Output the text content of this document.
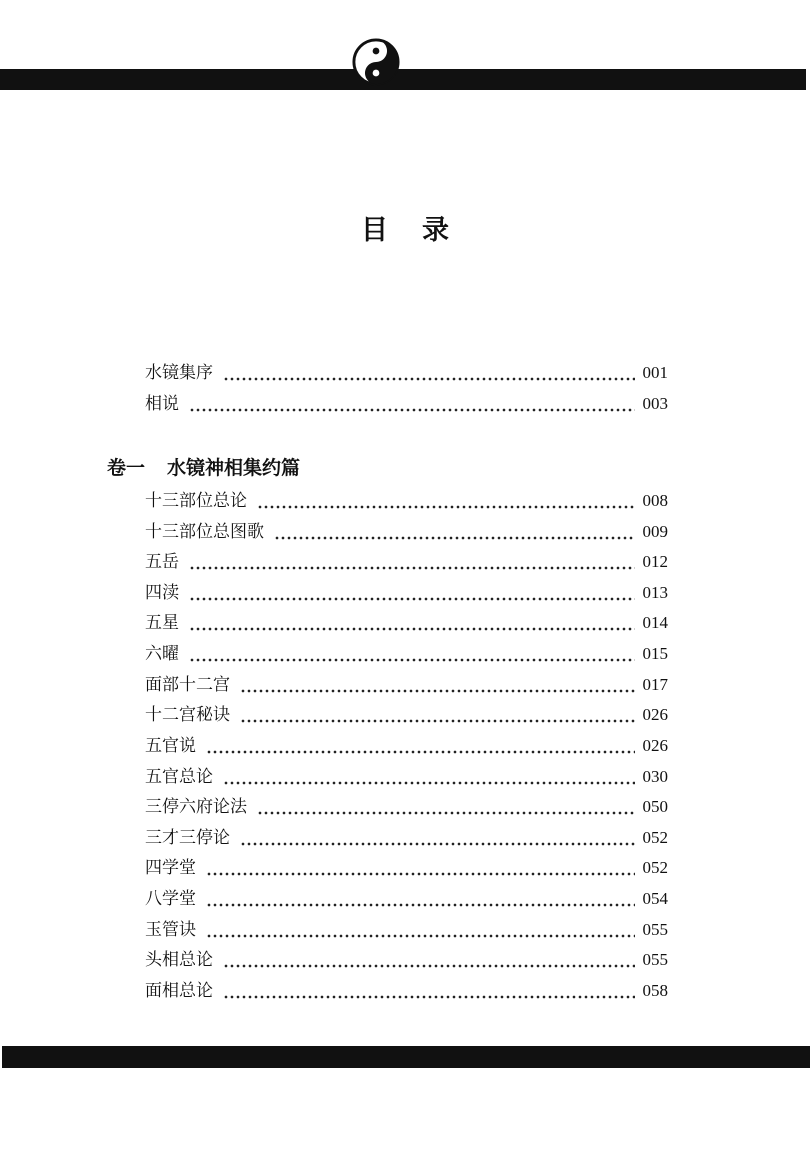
目录
水镜集序	001
相说	003
卷一 水镜神相集约篇
十三部位总论	008
十三部位总图歌	009
五岳	012
四渎	013
五星	014
六曜	015
面部十二宫	017
十二宫秘诀	026
五官说	026
五官总论	030
三停六府论法	050
三才三停论	052
四学堂	052
八学堂	054
玉管诀	055
头相总论	055
面相总论	058
